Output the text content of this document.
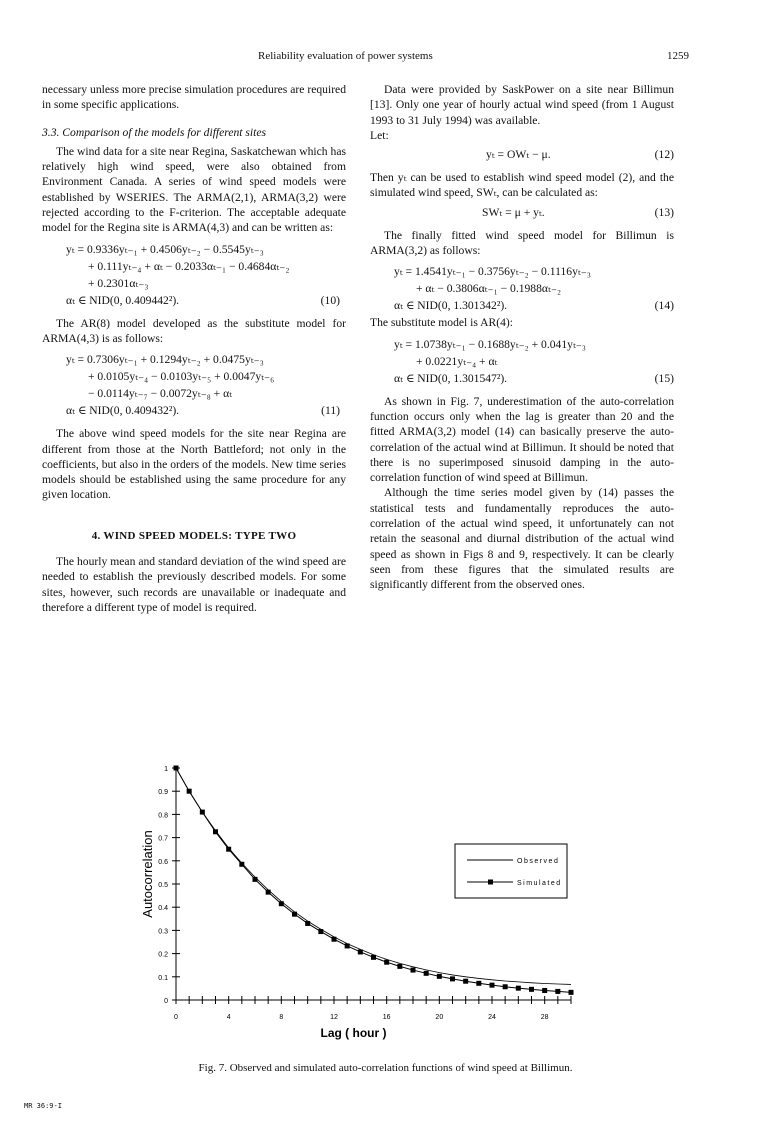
Reliability evaluation of power systems	1259

necessary unless more precise simulation procedures are required in some specific applications.

3.3. Comparison of the models for different sites

The wind data for a site near Regina, Saskatchewan which has relatively high wind speed, were also obtained from Environment Canada. A series of wind speed models were established by WSERIES. The ARMA(2,1), ARMA(3,2) were rejected according to the F-criterion. The acceptable adequate model for the Regina site is ARMA(4,3) and can be written as:

yₜ = 0.9336yₜ₋₁ + 0.4506yₜ₋₂ − 0.5545yₜ₋₃
+ 0.111yₜ₋₄ + αₜ − 0.2033αₜ₋₁ − 0.4684αₜ₋₂
+ 0.2301αₜ₋₃
αₜ ∈ NID(0, 0.409442²).	(10)

The AR(8) model developed as the substitute model for ARMA(4,3) is as follows:

yₜ = 0.7306yₜ₋₁ + 0.1294yₜ₋₂ + 0.0475yₜ₋₃
+ 0.0105yₜ₋₄ − 0.0103yₜ₋₅ + 0.0047yₜ₋₆
− 0.0114yₜ₋₇ − 0.0072yₜ₋₈ + αₜ
αₜ ∈ NID(0, 0.409432²).	(11)

The above wind speed models for the site near Regina are different from those at the North Battleford; not only in the coefficients, but also in the orders of the models. New time series models should be established using the same procedure for any given location.

4. WIND SPEED MODELS: TYPE TWO

The hourly mean and standard deviation of the wind speed are needed to establish the previously described models. For some sites, however, such records are unavailable or inadequate and therefore a different type of model is required.

Data were provided by SaskPower on a site near Billimun [13]. Only one year of hourly actual wind speed (from 1 August 1993 to 31 July 1994) was available.

Let:

yₜ = OWₜ − μ.	(12)

Then yₜ can be used to establish wind speed model (2), and the simulated wind speed, SWₜ, can be calculated as:

SWₜ = μ + yₜ.	(13)

The finally fitted wind speed model for Billimun is ARMA(3,2) as follows:

yₜ = 1.4541yₜ₋₁ − 0.3756yₜ₋₂ − 0.1116yₜ₋₃
+ αₜ − 0.3806αₜ₋₁ − 0.1988αₜ₋₂
αₜ ∈ NID(0, 1.301342²).	(14)

The substitute model is AR(4):

yₜ = 1.0738yₜ₋₁ − 0.1688yₜ₋₂ + 0.041yₜ₋₃
+ 0.0221yₜ₋₄ + αₜ
αₜ ∈ NID(0, 1.301547²).	(15)

As shown in Fig. 7, underestimation of the auto-correlation function occurs only when the lag is greater than 20 and the fitted ARMA(3,2) model (14) can basically preserve the auto-correlation of the actual wind at Billimun. It should be noted that there is no superimposed sinusoid damping in the auto-correlation function of wind speed at Billimun.

Although the time series model given by (14) passes the statistical tests and fundamentally reproduces the auto-correlation of the actual wind speed, it unfortunately can not retain the seasonal and diurnal distribution of the actual wind speed as shown in Figs 8 and 9, respectively. It can be clearly seen from these figures that the simulated results are significantly different from the observed ones.

0
0.1
0.2
0.3
0.4
0.5
0.6
0.7
0.8
0.9
1
0	4	8	12	16	20	24	28
Lag ( hour )
Autocorrelation	Observed
Simulated
Fig. 7. Observed and simulated auto-correlation functions of wind speed at Billimun.
MR 36:9-I
